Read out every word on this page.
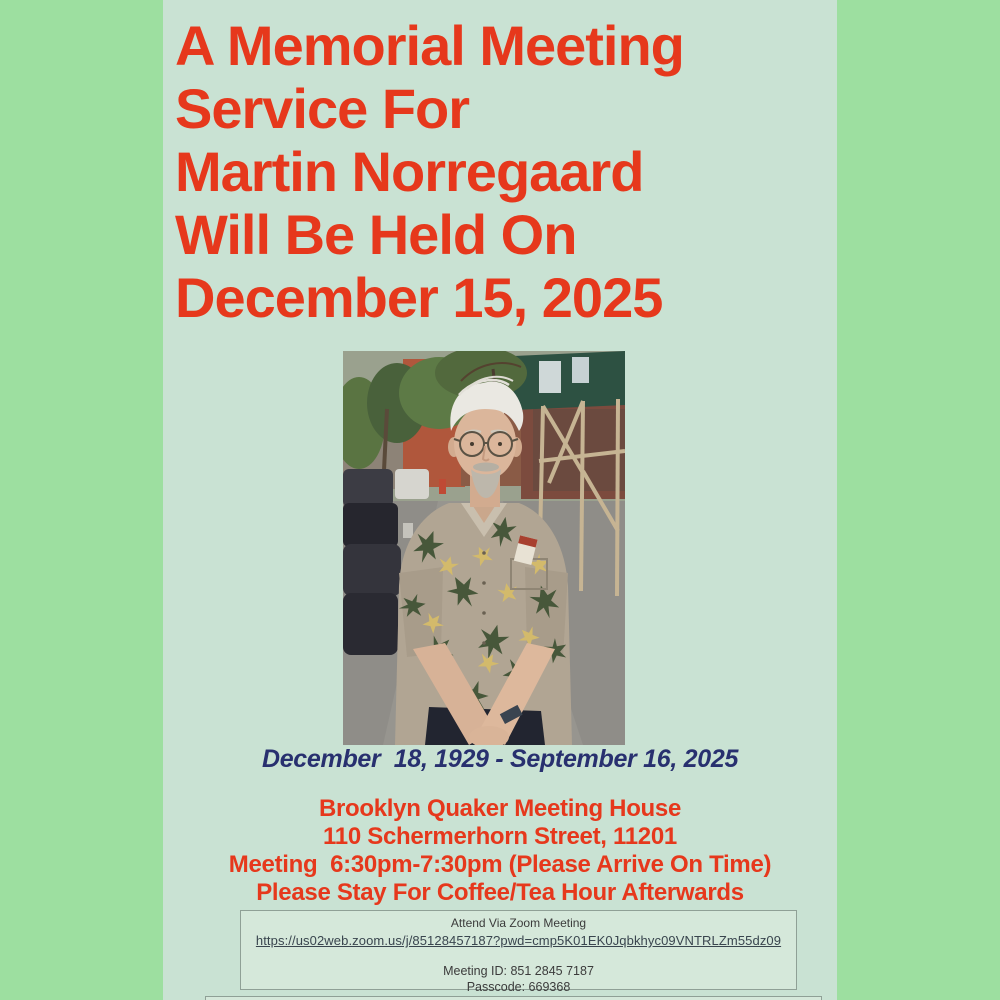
A Memorial Meeting
Service For
Martin Norregaard
Will Be Held On
December 15, 2025
December  18, 1929 - September 16, 2025
Brooklyn Quaker Meeting House
110 Schermerhorn Street, 11201
Meeting  6:30pm-7:30pm (Please Arrive On Time)
Please Stay For Coffee/Tea Hour Afterwards
Attend Via Zoom Meeting
https://us02web.zoom.us/j/85128457187?pwd=cmp5K01EK0Jqbkhyc09VNTRLZm55dz09
Meeting ID: 851 2845 7187
Passcode: 669368
